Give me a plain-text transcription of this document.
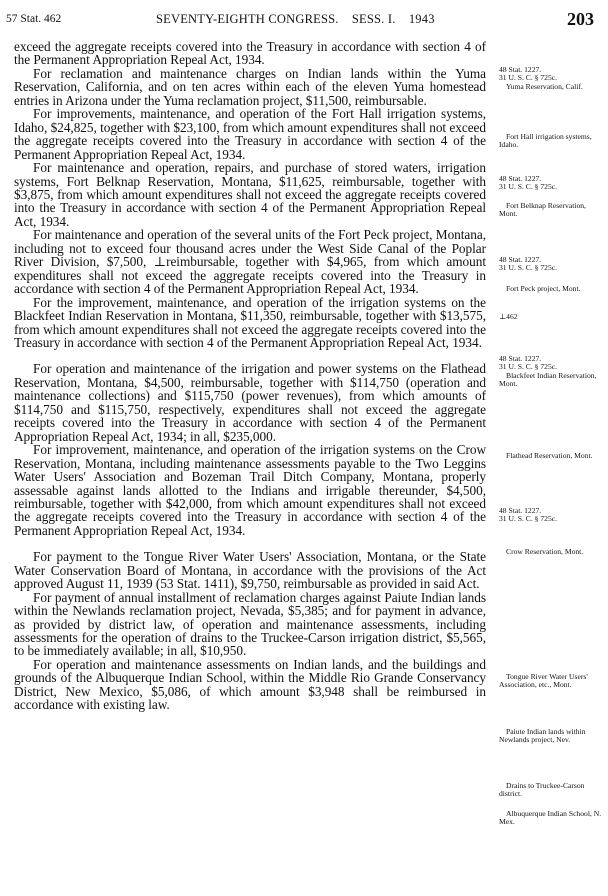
57 Stat. 462	SEVENTY-EIGHTH CONGRESS. SESS. I. 1943	203

exceed the aggregate receipts covered into the Treasury in accordance with section 4 of the Permanent Appropriation Repeal Act, 1934.

For reclamation and maintenance charges on Indian lands within the Yuma Reservation, California, and on ten acres within each of the eleven Yuma homestead entries in Arizona under the Yuma reclamation project, $11,500, reimbursable.

For improvements, maintenance, and operation of the Fort Hall irrigation systems, Idaho, $24,825, together with $23,100, from which amount expenditures shall not exceed the aggregate receipts covered into the Treasury in accordance with section 4 of the Permanent Appropriation Repeal Act, 1934.

For maintenance and operation, repairs, and purchase of stored waters, irrigation systems, Fort Belknap Reservation, Montana, $11,625, reimbursable, together with $3,875, from which amount expenditures shall not exceed the aggregate receipts covered into the Treasury in accordance with section 4 of the Permanent Appropriation Repeal Act, 1934.

For maintenance and operation of the several units of the Fort Peck project, Montana, including not to exceed four thousand acres under the West Side Canal of the Poplar River Division, $7,500, ⊥reimbursable, together with $4,965, from which amount expenditures shall not exceed the aggregate receipts covered into the Treasury in accordance with section 4 of the Permanent Appropriation Repeal Act, 1934.

For the improvement, maintenance, and operation of the irrigation systems on the Blackfeet Indian Reservation in Montana, $11,350, reimbursable, together with $13,575, from which amount expenditures shall not exceed the aggregate receipts covered into the Treasury in accordance with section 4 of the Permanent Appropriation Repeal Act, 1934.

For operation and maintenance of the irrigation and power systems on the Flathead Reservation, Montana, $4,500, reimbursable, together with $114,750 (operation and maintenance collections) and $115,750 (power revenues), from which amounts of $114,750 and $115,750, respectively, expenditures shall not exceed the aggregate receipts covered into the Treasury in accordance with section 4 of the Permanent Appropriation Repeal Act, 1934; in all, $235,000.

For improvement, maintenance, and operation of the irrigation systems on the Crow Reservation, Montana, including maintenance assessments payable to the Two Leggins Water Users' Association and Bozeman Trail Ditch Company, Montana, properly assessable against lands allotted to the Indians and irrigable thereunder, $4,500, reimbursable, together with $42,000, from which amount expenditures shall not exceed the aggregate receipts covered into the Treasury in accordance with section 4 of the Permanent Appropriation Repeal Act, 1934.

For payment to the Tongue River Water Users' Association, Montana, or the State Water Conservation Board of Montana, in accordance with the provisions of the Act approved August 11, 1939 (53 Stat. 1411), $9,750, reimbursable as provided in said Act.

For payment of annual installment of reclamation charges against Paiute Indian lands within the Newlands reclamation project, Nevada, $5,385; and for payment in advance, as provided by district law, of operation and maintenance assessments, including assessments for the operation of drains to the Truckee-Carson irrigation district, $5,565, to be immediately available; in all, $10,950.

For operation and maintenance assessments on Indian lands, and the buildings and grounds of the Albuquerque Indian School, within the Middle Rio Grande Conservancy District, New Mexico, $5,086, of which amount $3,948 shall be reimbursed in accordance with existing law.

48 Stat. 1227.
31 U. S. C. § 725c.
Yuma Reservation, Calif.
Fort Hall irrigation systems, Idaho.
48 Stat. 1227.
31 U. S. C. § 725c.
Fort Belknap Reservation, Mont.
48 Stat. 1227.
31 U. S. C. § 725c.
Fort Peck project, Mont.
⊥462
48 Stat. 1227.
31 U. S. C. § 725c.
Blackfeet Indian Reservation, Mont.
Flathead Reservation, Mont.
48 Stat. 1227.
31 U. S. C. § 725c.
Crow Reservation, Mont.
Tongue River Water Users' Association, etc., Mont.
Paiute Indian lands within Newlands project, Nev.
Drains to Truckee-Carson district.
Albuquerque Indian School, N. Mex.
